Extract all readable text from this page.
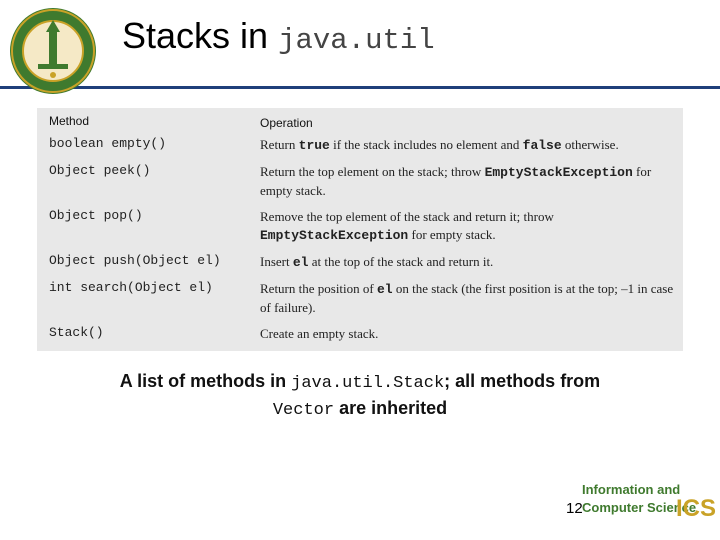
Stacks in java.util
Method	Operation
boolean empty()	Return true if the stack includes no element and false otherwise.
Object peek()	Return the top element on the stack; throw EmptyStackException for empty stack.
Object pop()	Remove the top element of the stack and return it; throw EmptyStackException for empty stack.
Object push(Object el)	Insert el at the top of the stack and return it.
int search(Object el)	Return the position of el on the stack (the first position is at the top; –1 in case of failure).
Stack()	Create an empty stack.
A list of methods in java.util.Stack; all methods from
Vector are inherited
Information and
Computer Science
ICS
12
